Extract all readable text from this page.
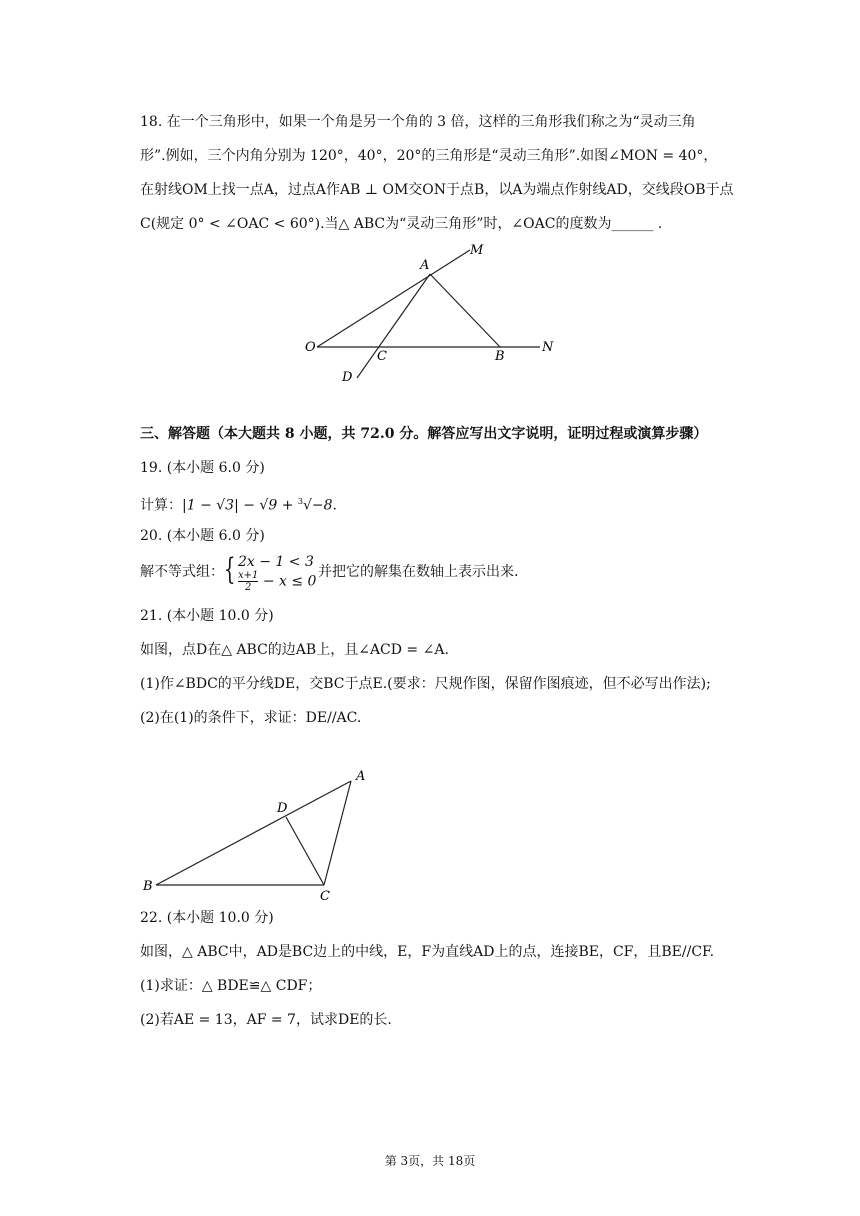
18. 在一个三角形中，如果一个角是另一个角的 3 倍，这样的三角形我们称之为“灵动三角
形”.例如，三个内角分别为 120°，40°，20°的三角形是“灵动三角形”.如图∠MON = 40°，
在射线OM上找一点A，过点A作AB ⊥ OM交ON于点B，以A为端点作射线AD，交线段OB于点
C(规定 0° < ∠OAC < 60°).当△ ABC为“灵动三角形”时，∠OAC的度数为______ .
M
A
O
C	B
N
D
三、解答题（本大题共 8 小题，共 72.0 分。解答应写出文字说明，证明过程或演算步骤）
19. (本小题 6.0 分)
计算：|1 − √3| − √9 + $^3$√−8.
20. (本小题 6.0 分)
解不等式组： { 2x − 1 < 3
$\frac{x+1}{2} - x \le 0$
并把它的解集在数轴上表示出来.
21. (本小题 10.0 分)
如图，点D在△ ABC的边AB上，且∠ACD = ∠A.
(1)作∠BDC的平分线DE，交BC于点E.(要求：尺规作图，保留作图痕迹，但不必写出作法);
(2)在(1)的条件下，求证：DE//AC.
A
D
B
C
22. (本小题 10.0 分)
如图，△ ABC中，AD是BC边上的中线，E，F为直线AD上的点，连接BE，CF，且BE//CF.
(1)求证：△ BDE≌△ CDF；
(2)若AE = 13，AF = 7，试求DE的长.
第 3页，共 18页
